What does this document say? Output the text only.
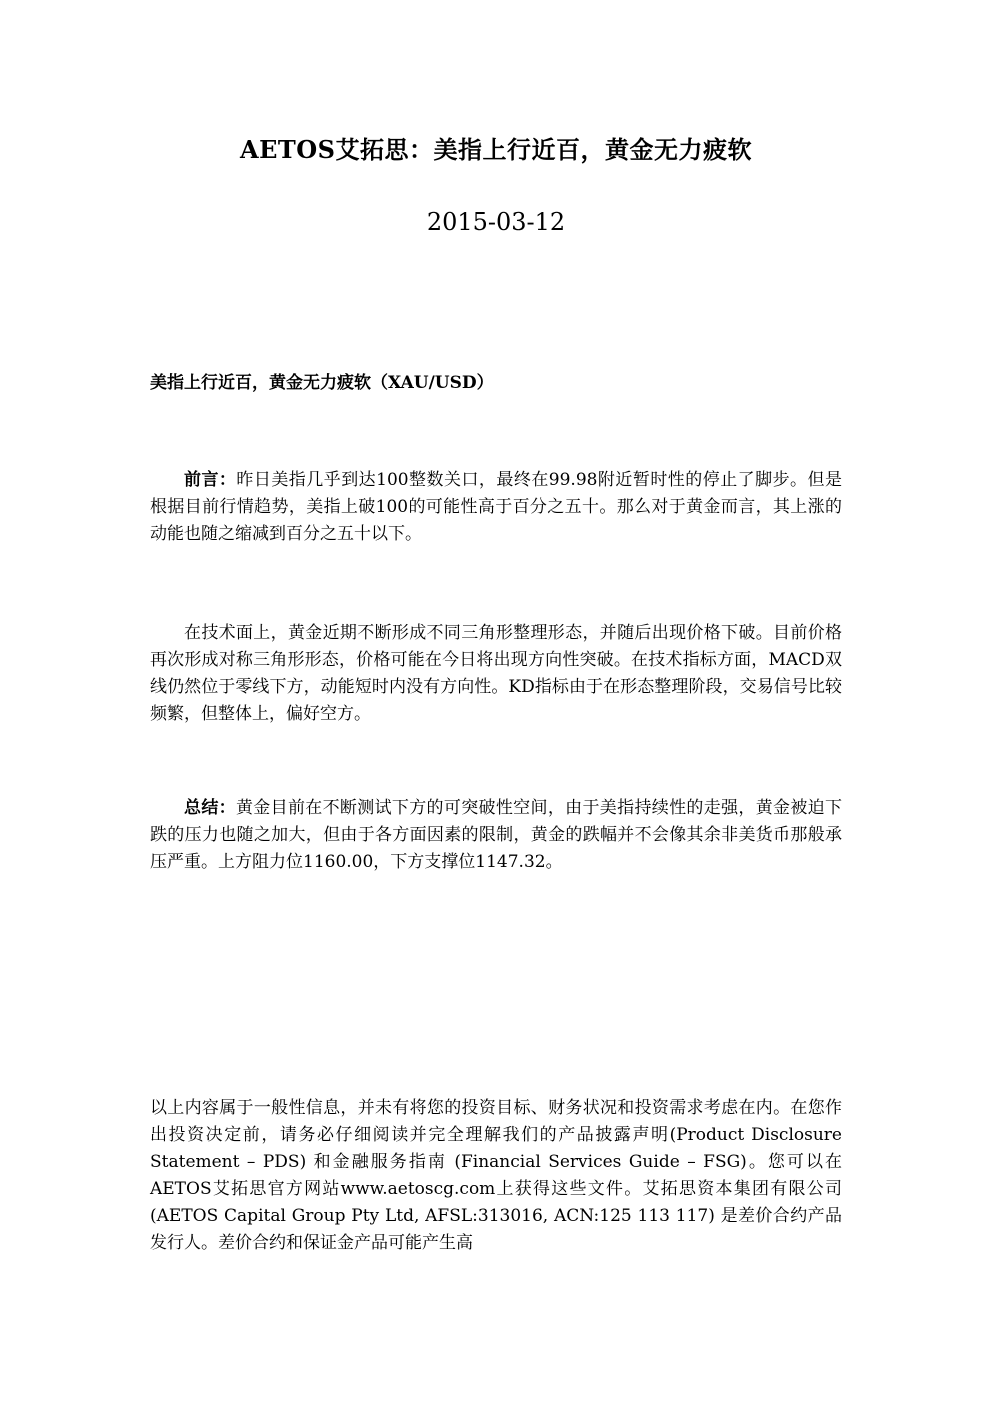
AETOS艾拓思：美指上行近百，黄金无力疲软
2015-03-12
美指上行近百，黄金无力疲软（XAU/USD）
前言：昨日美指几乎到达100整数关口，最终在99.98附近暂时性的停止了脚步。但是根据目前行情趋势，美指上破100的可能性高于百分之五十。那么对于黄金而言，其上涨的动能也随之缩减到百分之五十以下。
在技术面上，黄金近期不断形成不同三角形整理形态，并随后出现价格下破。目前价格再次形成对称三角形形态，价格可能在今日将出现方向性突破。在技术指标方面，MACD双线仍然位于零线下方，动能短时内没有方向性。KD指标由于在形态整理阶段，交易信号比较频繁，但整体上，偏好空方。
总结：黄金目前在不断测试下方的可突破性空间，由于美指持续性的走强，黄金被迫下跌的压力也随之加大，但由于各方面因素的限制，黄金的跌幅并不会像其余非美货币那般承压严重。上方阻力位1160.00，下方支撑位1147.32。
以上内容属于一般性信息，并未有将您的投资目标、财务状况和投资需求考虑在内。在您作出投资决定前，请务必仔细阅读并完全理解我们的产品披露声明(Product Disclosure Statement – PDS) 和金融服务指南 (Financial Services Guide – FSG)。您可以在AETOS艾拓思官方网站www.aetoscg.com上获得这些文件。艾拓思资本集团有限公司(AETOS Capital Group Pty Ltd, AFSL:313016, ACN:125 113 117) 是差价合约产品发行人。差价合约和保证金产品可能产生高
